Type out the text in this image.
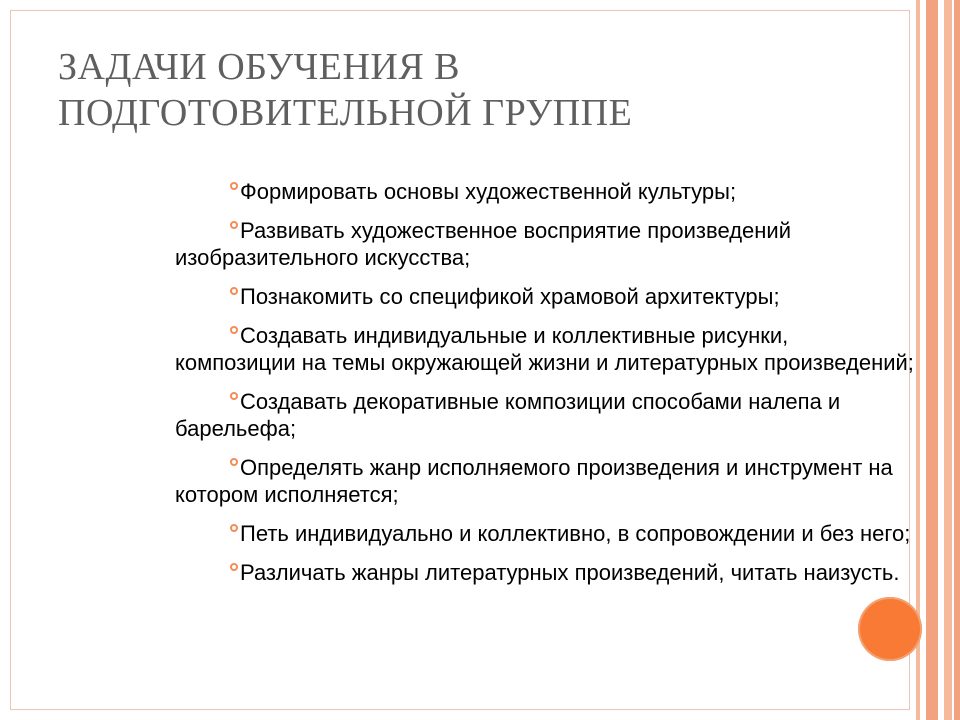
ЗАДАЧИ ОБУЧЕНИЯ В ПОДГОТОВИТЕЛЬНОЙ ГРУППЕ
Формировать основы художественной культуры;
Развивать художественное восприятие произведений изобразительного искусства;
Познакомить со спецификой храмовой архитектуры;
Создавать индивидуальные и коллективные рисунки, композиции на темы окружающей жизни и литературных произведений;
Создавать декоративные композиции способами налепа и барельефа;
Определять жанр исполняемого произведения и инструмент на котором исполняется;
Петь индивидуально и коллективно, в сопровождении и без него;
Различать жанры литературных произведений, читать наизусть.
